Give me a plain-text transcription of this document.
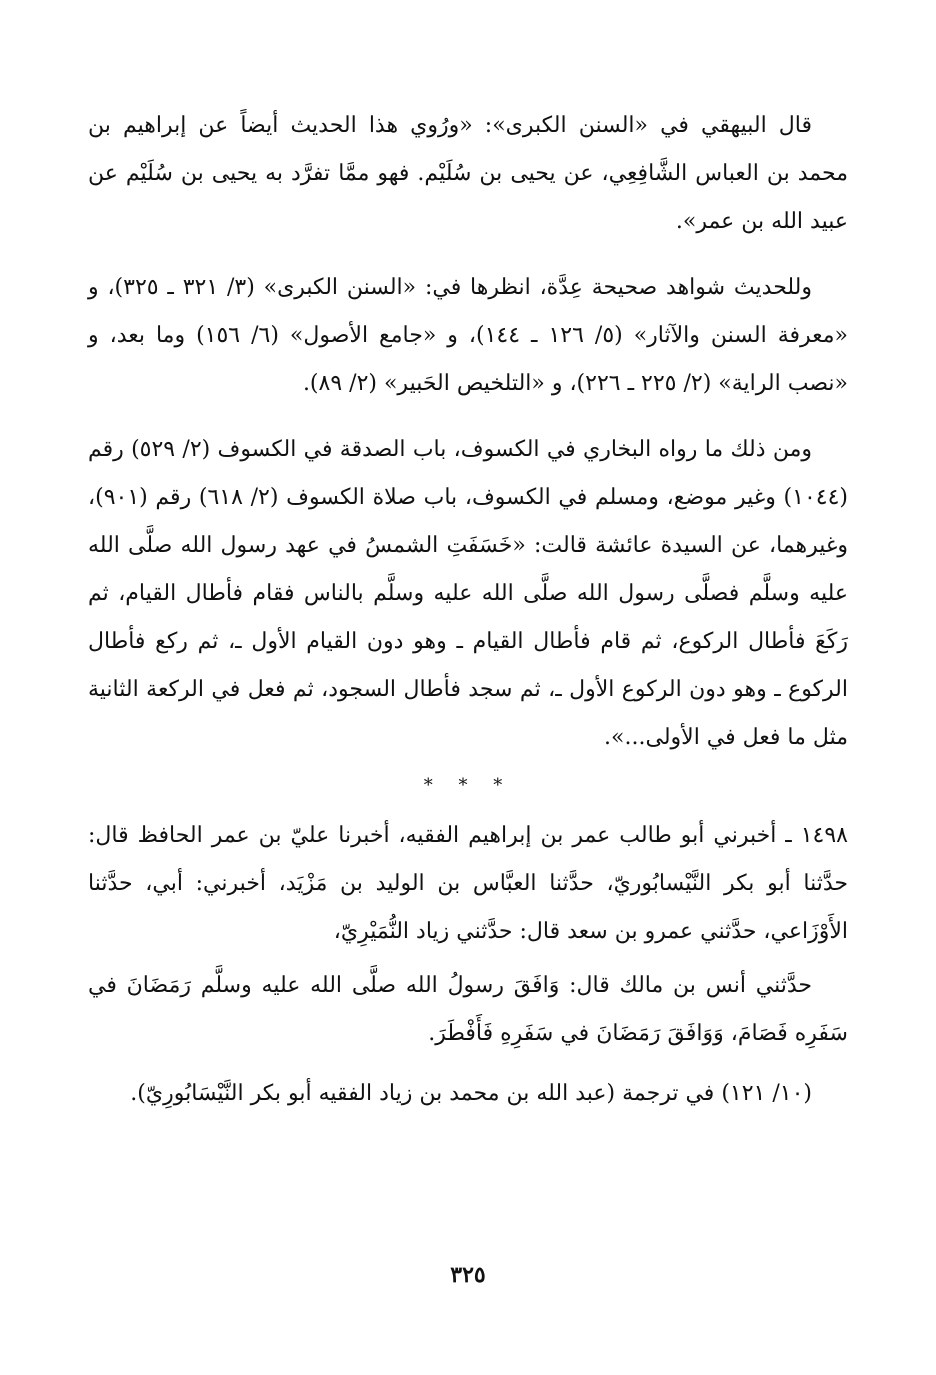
قال البيهقي في «السنن الكبرى»: «ورُوي هذا الحديث أيضاً عن إبراهيم بن محمد بن العباس الشَّافِعِي، عن يحيى بن سُلَيْم. فهو ممَّا تفرَّد به يحيى بن سُلَيْم عن عبيد الله بن عمر».

وللحديث شواهد صحيحة عِدَّة، انظرها في: «السنن الكبرى» (٣/ ٣٢١ ـ ٣٢٥)، و «معرفة السنن والآثار» (٥/ ١٢٦ ـ ١٤٤)، و «جامع الأصول» (٦/ ١٥٦) وما بعد، و «نصب الراية» (٢/ ٢٢٥ ـ ٢٢٦)، و «التلخيص الحَبير» (٢/ ٨٩).

ومن ذلك ما رواه البخاري في الكسوف، باب الصدقة في الكسوف (٢/ ٥٢٩) رقم (١٠٤٤) وغير موضع، ومسلم في الكسوف، باب صلاة الكسوف (٢/ ٦١٨) رقم (٩٠١)، وغيرهما، عن السيدة عائشة قالت: «خَسَفَتِ الشمسُ في عهد رسول الله صلَّى الله عليه وسلَّم فصلَّى رسول الله صلَّى الله عليه وسلَّم بالناس فقام فأطال القيام، ثم رَكَعَ فأطال الركوع، ثم قام فأطال القيام ـ وهو دون القيام الأول ـ، ثم ركع فأطال الركوع ـ وهو دون الركوع الأول ـ، ثم سجد فأطال السجود، ثم فعل في الركعة الثانية مثل ما فعل في الأولى...».

* * *

١٤٩٨ ـ أخبرني أبو طالب عمر بن إبراهيم الفقيه، أخبرنا عليّ بن عمر الحافظ قال: حدَّثنا أبو بكر النَّيْسابُوريّ، حدَّثنا العبَّاس بن الوليد بن مَزْيَد، أخبرني: أبي، حدَّثنا الأَوْزَاعي، حدَّثني عمرو بن سعد قال: حدَّثني زياد النُّمَيْرِيّ،

حدَّثني أنس بن مالك قال: وَافَقَ رسولُ الله صلَّى الله عليه وسلَّم رَمَضَانَ في سَفَرِه فَصَامَ، وَوَافَقَ رَمَضَانَ في سَفَرِهِ فَأَفْطَرَ.

(١٠/ ١٢١) في ترجمة (عبد الله بن محمد بن زياد الفقيه أبو بكر النَّيْسَابُورِيّ).

٣٢٥
